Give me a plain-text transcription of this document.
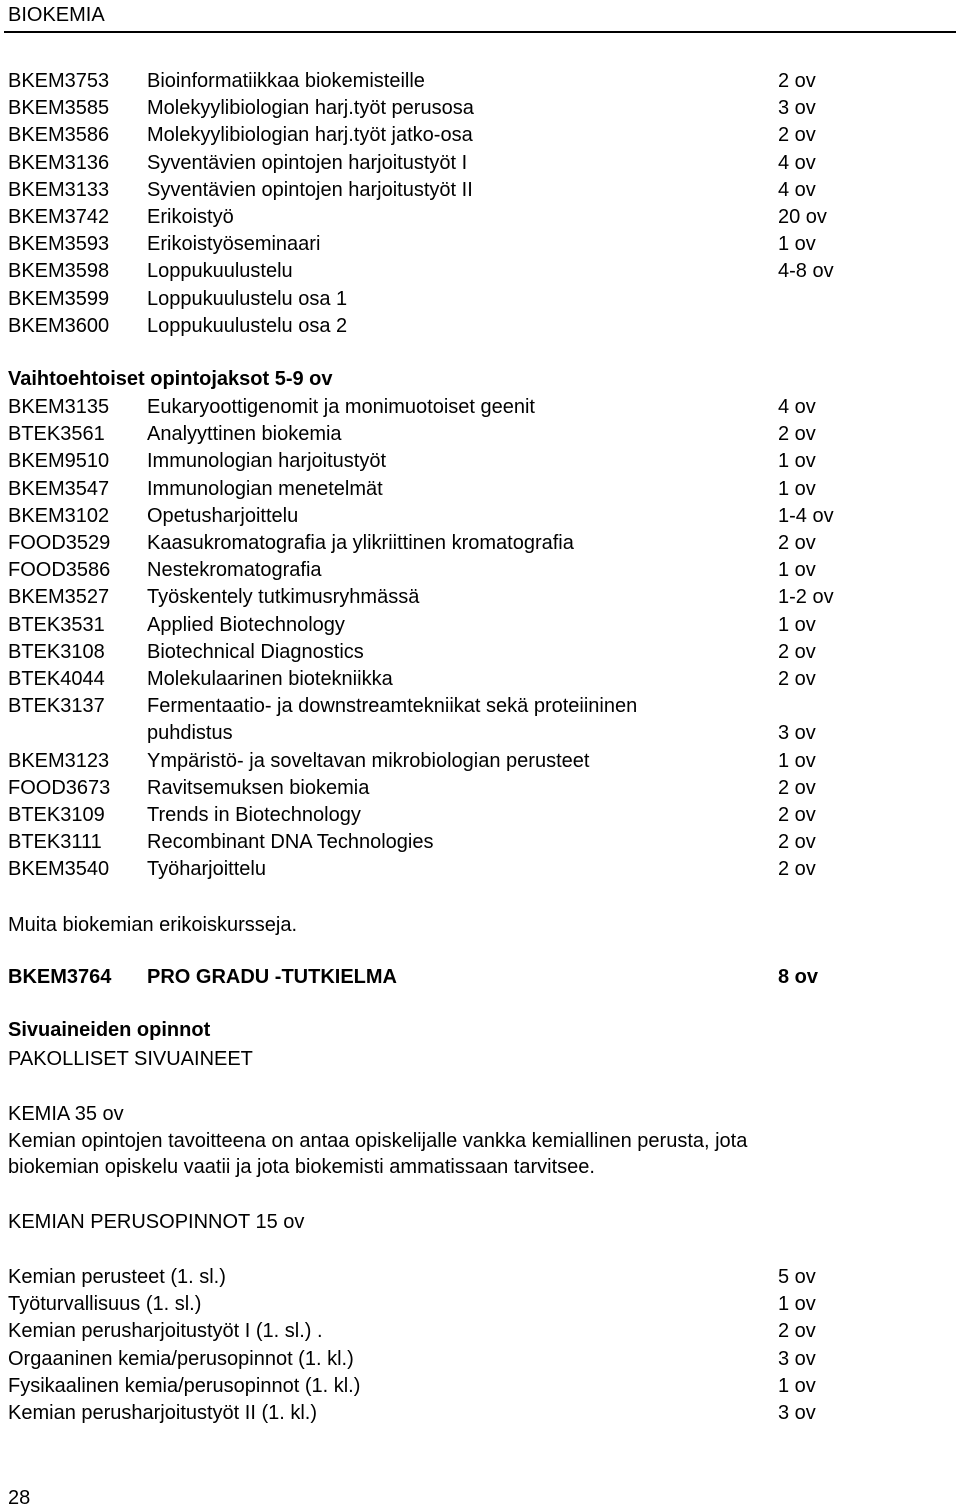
BIOKEMIA
BKEM3753 Bioinformatiikkaa biokemisteille	2 ov
BKEM3585 Molekyylibiologian harj.työt perusosa	3 ov
BKEM3586 Molekyylibiologian harj.työt jatko-osa	2 ov
BKEM3136 Syventävien opintojen harjoitustyöt I	4 ov
BKEM3133 Syventävien opintojen harjoitustyöt II	4 ov
BKEM3742 Erikoistyö	20 ov
BKEM3593 Erikoistyöseminaari	1 ov
BKEM3598 Loppukuulustelu	4-8 ov
BKEM3599 Loppukuulustelu osa 1
BKEM3600 Loppukuulustelu osa 2
Vaihtoehtoiset opintojaksot 5-9 ov
BKEM3135 Eukaryoottigenomit ja monimuotoiset geenit	4 ov
BTEK3561 Analyyttinen biokemia	2 ov
BKEM9510 Immunologian harjoitustyöt	1 ov
BKEM3547 Immunologian menetelmät	1 ov
BKEM3102 Opetusharjoittelu	1-4 ov
FOOD3529 Kaasukromatografia ja ylikriittinen kromatografia	2 ov
FOOD3586 Nestekromatografia	1 ov
BKEM3527 Työskentely tutkimusryhmässä	1-2 ov
BTEK3531 Applied Biotechnology	1 ov
BTEK3108 Biotechnical Diagnostics	2 ov
BTEK4044 Molekulaarinen biotekniikka	2 ov
BTEK3137 Fermentaatio- ja downstreamtekniikat sekä proteiininen
puhdistus	3 ov
BKEM3123 Ympäristö- ja soveltavan mikrobiologian perusteet	1 ov
FOOD3673 Ravitsemuksen biokemia	2 ov
BTEK3109 Trends in Biotechnology	2 ov
BTEK3111 Recombinant DNA Technologies	2 ov
BKEM3540 Työharjoittelu	2 ov
Muita biokemian erikoiskursseja.
BKEM3764 PRO GRADU -TUTKIELMA	8 ov
Sivuaineiden opinnot
PAKOLLISET SIVUAINEET
KEMIA 35 ov
Kemian opintojen tavoitteena on antaa opiskelijalle vankka kemiallinen perusta, jota
biokemian opiskelu vaatii ja jota biokemisti ammatissaan tarvitsee.
KEMIAN PERUSOPINNOT 15 ov
Kemian perusteet (1. sl.)	5 ov
Työturvallisuus (1. sl.)	1 ov
Kemian perusharjoitustyöt I (1. sl.) .	2 ov
Orgaaninen kemia/perusopinnot (1. kl.)	3 ov
Fysikaalinen kemia/perusopinnot (1. kl.)	1 ov
Kemian perusharjoitustyöt II (1. kl.)	3 ov
28
